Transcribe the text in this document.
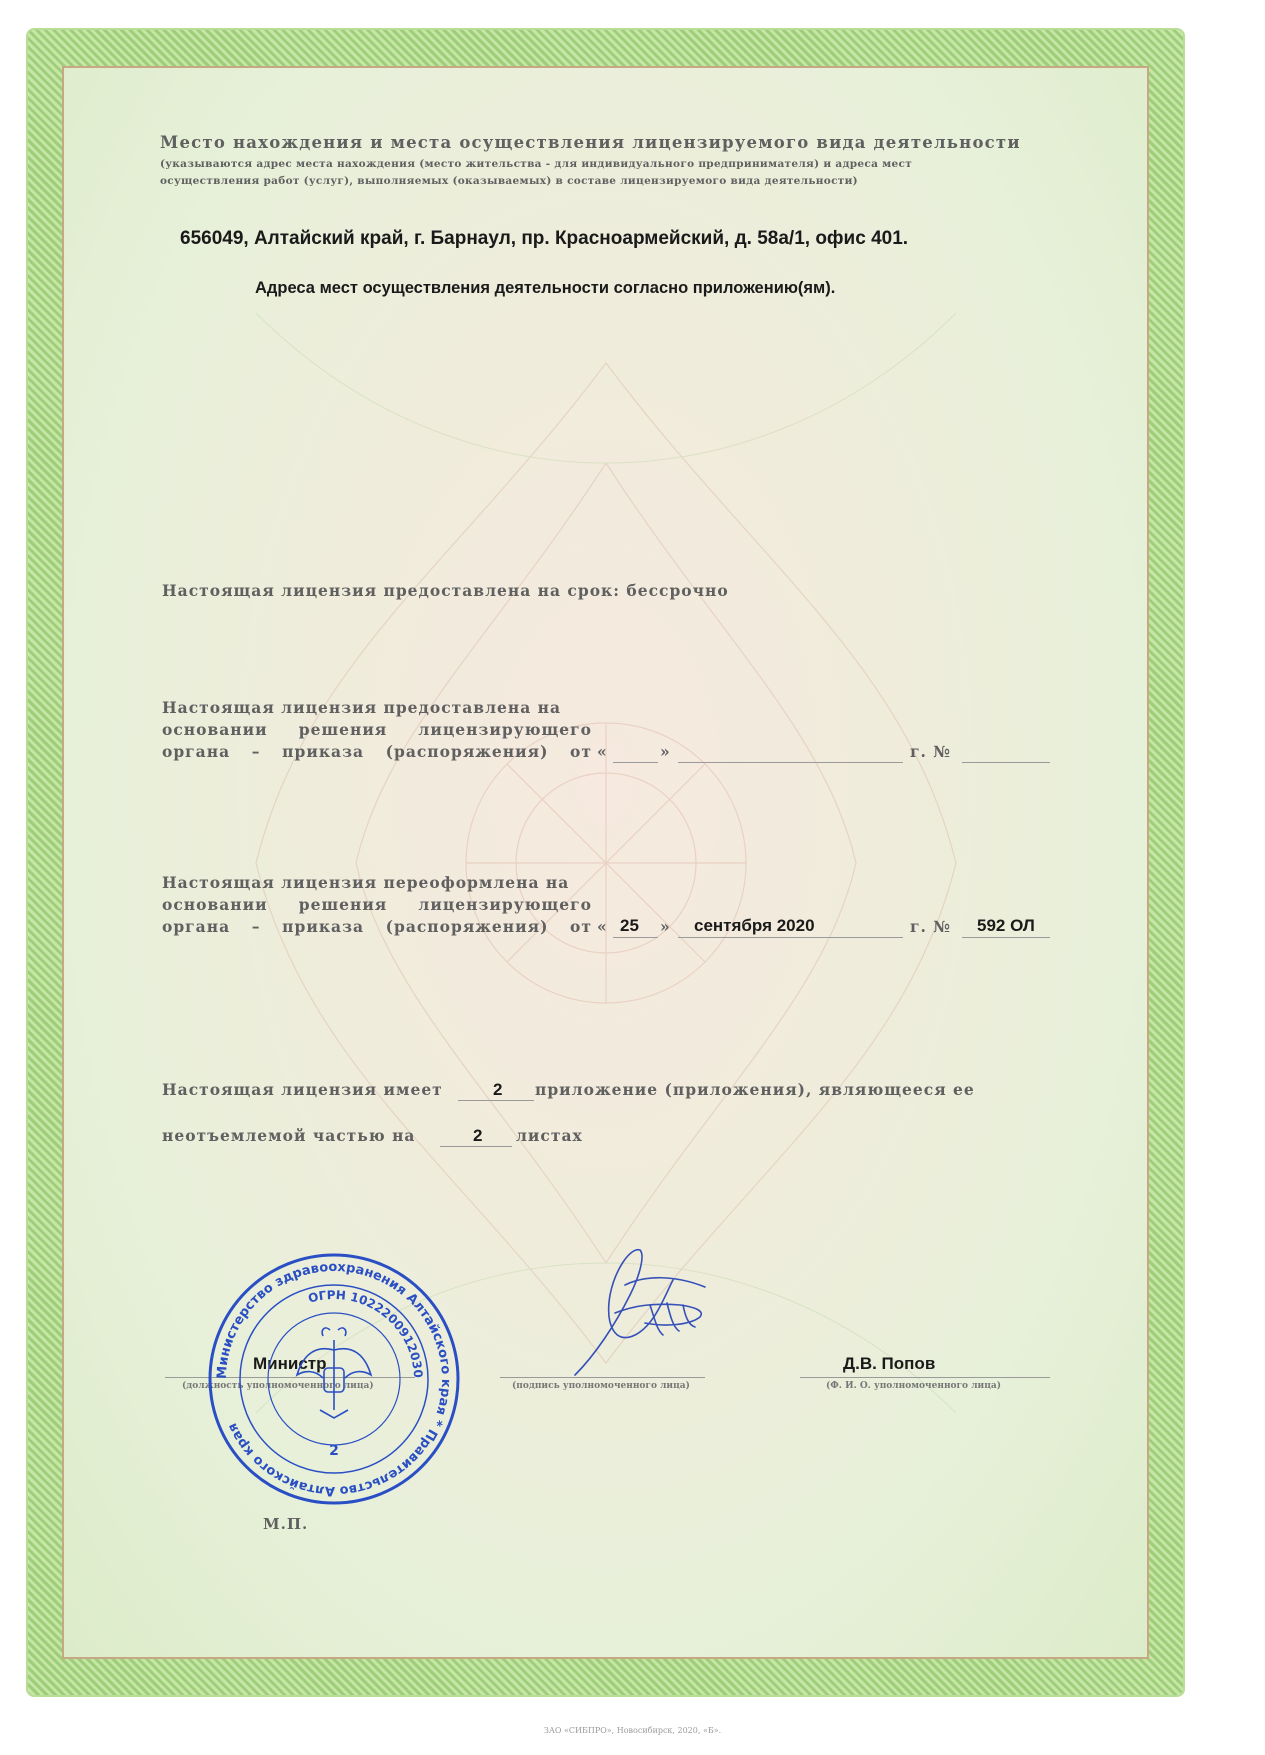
Место нахождения и места осуществления лицензируемого вида деятельности
(указываются адрес места нахождения (место жительства - для индивидуального предпринимателя) и адреса мест
осуществления работ (услуг), выполняемых (оказываемых) в составе лицензируемого вида деятельности)
656049, Алтайский край, г. Барнаул, пр. Красноармейский, д. 58а/1, офис 401.
Адреса мест осуществления деятельности согласно приложению(ям).
Настоящая лицензия предоставлена на срок: бессрочно
Настоящая лицензия предоставлена на
основании решения лицензирующего
органа – приказа (распоряжения) от «	»	г. №
Настоящая лицензия переоформлена на
основании решения лицензирующего
органа – приказа (распоряжения) от « 25 » сентября 2020	г. № 592 ОЛ
Настоящая лицензия имеет	2 приложение (приложения), являющееся ее
неотъемлемой частью на	2 листах
Министр
(должность уполномоченного лица)	(подпись уполномоченного лица)
Д.В. Попов
(Ф. И. О. уполномоченного лица)
М.П.
Министерство здравоохранения Алтайского края * Правительство Алтайского края
ОГРН 1022200912030
2
ЗАО «СИБПРО», Новосибирск, 2020, «Б».
